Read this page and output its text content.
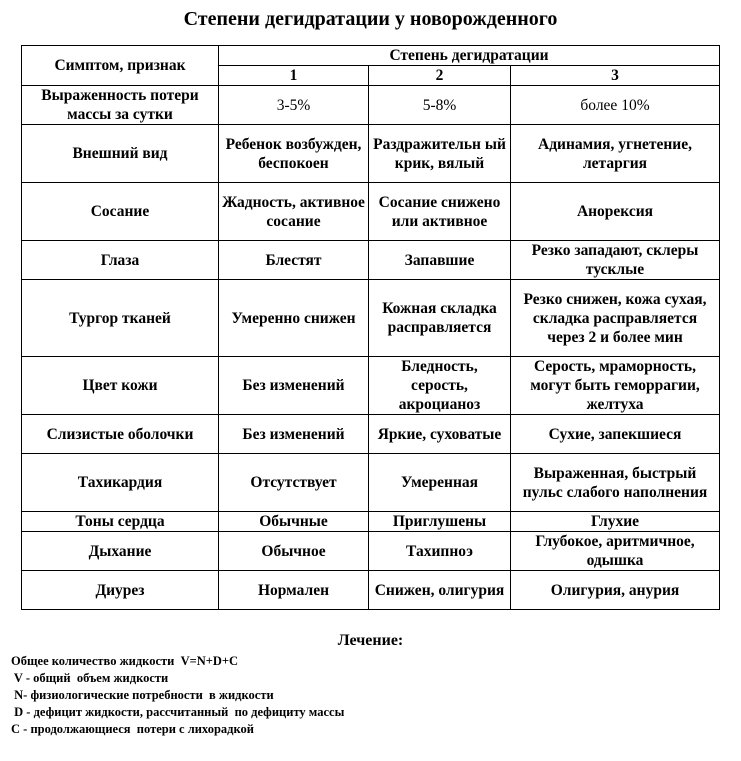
Степени дегидратации у новорожденного
Симптом, признак	Степень дегидратации		
	1	2	3
Выраженность потери массы за сутки	3-5%	5-8%	более 10%
Внешний вид	Ребенок возбужден, беспокоен	Раздражительн ый крик, вялый	Адинамия, угнетение, летаргия
Сосание	Жадность, активное сосание	Сосание снижено или активное	Анорексия
Глаза	Блестят	Запавшие	Резко западают, склеры тусклые
Тургор тканей	Умеренно снижен	Кожная складка расправляется	Резко снижен, кожа сухая, складка расправляется через 2 и более мин
Цвет кожи	Без изменений	Бледность, серость, акроцианоз	Серость, мраморность, могут быть геморрагии, желтуха
Слизистые оболочки	Без изменений	Яркие, суховатые	Сухие, запекшиеся
Тахикардия	Отсутствует	Умеренная	Выраженная, быстрый пульс слабого наполнения
Тоны сердца	Обычные	Приглушены	Глухие
Дыхание	Обычное	Тахипноэ	Глубокое, аритмичное, одышка
Диурез	Нормален	Снижен, олигурия	Олигурия, анурия
Лечение:
Общее количество жидкости  V=N+D+C
V - общий  объем жидкости
N- физиологические потребности  в жидкости
D - дефицит жидкости, рассчитанный  по дефициту массы
C - продолжающиеся  потери с лихорадкой
